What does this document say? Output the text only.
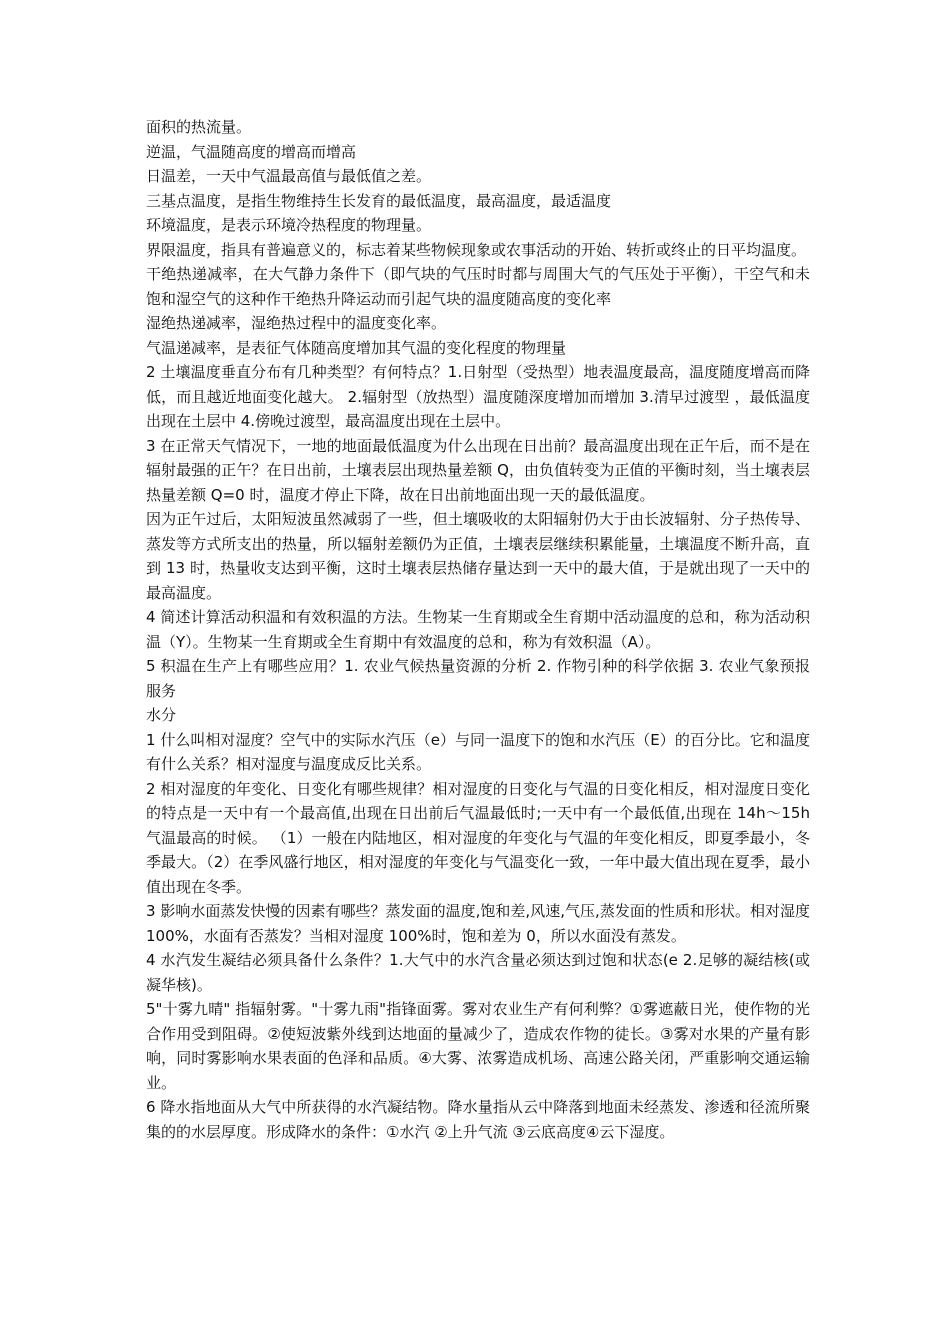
面积的热流量。

逆温，气温随高度的增高而增高

日温差，一天中气温最高值与最低值之差。

三基点温度，是指生物维持生长发育的最低温度，最高温度，最适温度

环境温度，是表示环境冷热程度的物理量。

界限温度，指具有普遍意义的，标志着某些物候现象或农事活动的开始、转折或终止的日平均温度。

干绝热递减率，在大气静力条件下（即气块的气压时时都与周围大气的气压处于平衡），干空气和未饱和湿空气的这种作干绝热升降运动而引起气块的温度随高度的变化率

湿绝热递减率，湿绝热过程中的温度变化率。

气温递减率，是表征气体随高度增加其气温的变化程度的物理量

2 土壤温度垂直分布有几种类型？有何特点？1.日射型（受热型）地表温度最高，温度随度增高而降低，而且越近地面变化越大。 2.辐射型（放热型）温度随深度增加而增加 3.清早过渡型 ，最低温度出现在土层中 4.傍晚过渡型，最高温度出现在土层中。

3 在正常天气情况下，一地的地面最低温度为什么出现在日出前？最高温度出现在正午后，而不是在辐射最强的正午？在日出前，土壤表层出现热量差额 Q，由负值转变为正值的平衡时刻，当土壤表层热量差额 Q=0 时，温度才停止下降，故在日出前地面出现一天的最低温度。

因为正午过后，太阳短波虽然减弱了一些，但土壤吸收的太阳辐射仍大于由长波辐射、分子热传导、蒸发等方式所支出的热量，所以辐射差额仍为正值，土壤表层继续积累能量，土壤温度不断升高，直到 13 时，热量收支达到平衡，这时土壤表层热储存量达到一天中的最大值，于是就出现了一天中的最高温度。

4 简述计算活动积温和有效积温的方法。生物某一生育期或全生育期中活动温度的总和，称为活动积温（Y）。生物某一生育期或全生育期中有效温度的总和，称为有效积温（A）。

5 积温在生产上有哪些应用？1. 农业气候热量资源的分析 2. 作物引种的科学依据 3. 农业气象预报服务

水分

1 什么叫相对湿度？空气中的实际水汽压（e）与同一温度下的饱和水汽压（E）的百分比。它和温度有什么关系？相对湿度与温度成反比关系。

2 相对湿度的年变化、日变化有哪些规律？相对湿度的日变化与气温的日变化相反，相对湿度日变化的特点是一天中有一个最高值,出现在日出前后气温最低时;一天中有一个最低值,出现在 14h～15h 气温最高的时候。 （1）一般在内陆地区，相对湿度的年变化与气温的年变化相反，即夏季最小，冬季最大。（2）在季风盛行地区，相对湿度的年变化与气温变化一致，一年中最大值出现在夏季，最小值出现在冬季。

3 影响水面蒸发快慢的因素有哪些？蒸发面的温度,饱和差,风速,气压,蒸发面的性质和形状。相对湿度 100%，水面有否蒸发？当相对湿度 100%时，饱和差为 0，所以水面没有蒸发。

4 水汽发生凝结必须具备什么条件？1.大气中的水汽含量必须达到过饱和状态(e 2.足够的凝结核(或凝华核)。

5"十雾九晴" 指辐射雾。"十雾九雨"指锋面雾。雾对农业生产有何利弊？①雾遮蔽日光，使作物的光合作用受到阻碍。②使短波紫外线到达地面的量减少了，造成农作物的徒长。③雾对水果的产量有影响，同时雾影响水果表面的色泽和品质。④大雾、浓雾造成机场、高速公路关闭，严重影响交通运输业。

6 降水指地面从大气中所获得的水汽凝结物。降水量指从云中降落到地面未经蒸发、渗透和径流所聚集的的水层厚度。形成降水的条件：①水汽 ②上升气流 ③云底高度④云下湿度。
